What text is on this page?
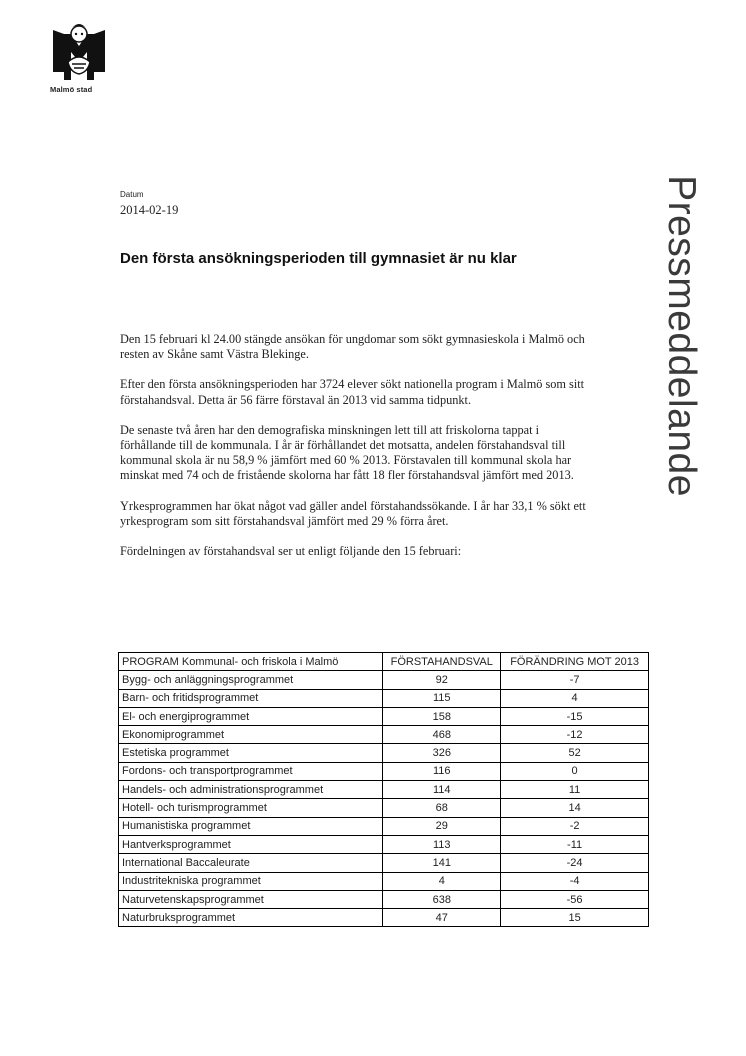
Malmö stad
Pressmeddelande
Datum
2014-02-19
Den första ansökningsperioden till gymnasiet är nu klar

Den 15 februari kl 24.00 stängde ansökan för ungdomar som sökt gymnasieskola i Malmö och resten av Skåne samt Västra Blekinge.

Efter den första ansökningsperioden har 3724 elever sökt nationella program i Malmö som sitt förstahandsval. Detta är 56 färre förstaval än 2013 vid samma tidpunkt.

De senaste två åren har den demografiska minskningen lett till att friskolorna tappat i förhållande till de kommunala. I år är förhållandet det motsatta, andelen förstahandsval till kommunal skola är nu 58,9 % jämfört med 60 % 2013. Förstavalen till kommunal skola har minskat med 74 och de fristående skolorna har fått 18 fler förstahandsval jämfört med 2013.

Yrkesprogrammen har ökat något vad gäller andel förstahandssökande. I år har 33,1 % sökt ett yrkesprogram som sitt förstahandsval jämfört med 29 % förra året.

Fördelningen av förstahandsval ser ut enligt följande den 15 februari:

PROGRAM Kommunal- och friskola i Malmö	FÖRSTAHANDSVAL	FÖRÄNDRING MOT 2013
Bygg- och anläggningsprogrammet	92	-7
Barn- och fritidsprogrammet	115	4
El- och energiprogrammet	158	-15
Ekonomiprogrammet	468	-12
Estetiska programmet	326	52
Fordons- och transportprogrammet	116	0
Handels- och administrationsprogrammet	114	11
Hotell- och turismprogrammet	68	14
Humanistiska programmet	29	-2
Hantverksprogrammet	113	-11
International Baccaleurate	141	-24
Industritekniska programmet	4	-4
Naturvetenskapsprogrammet	638	-56
Naturbruksprogrammet	47	15
